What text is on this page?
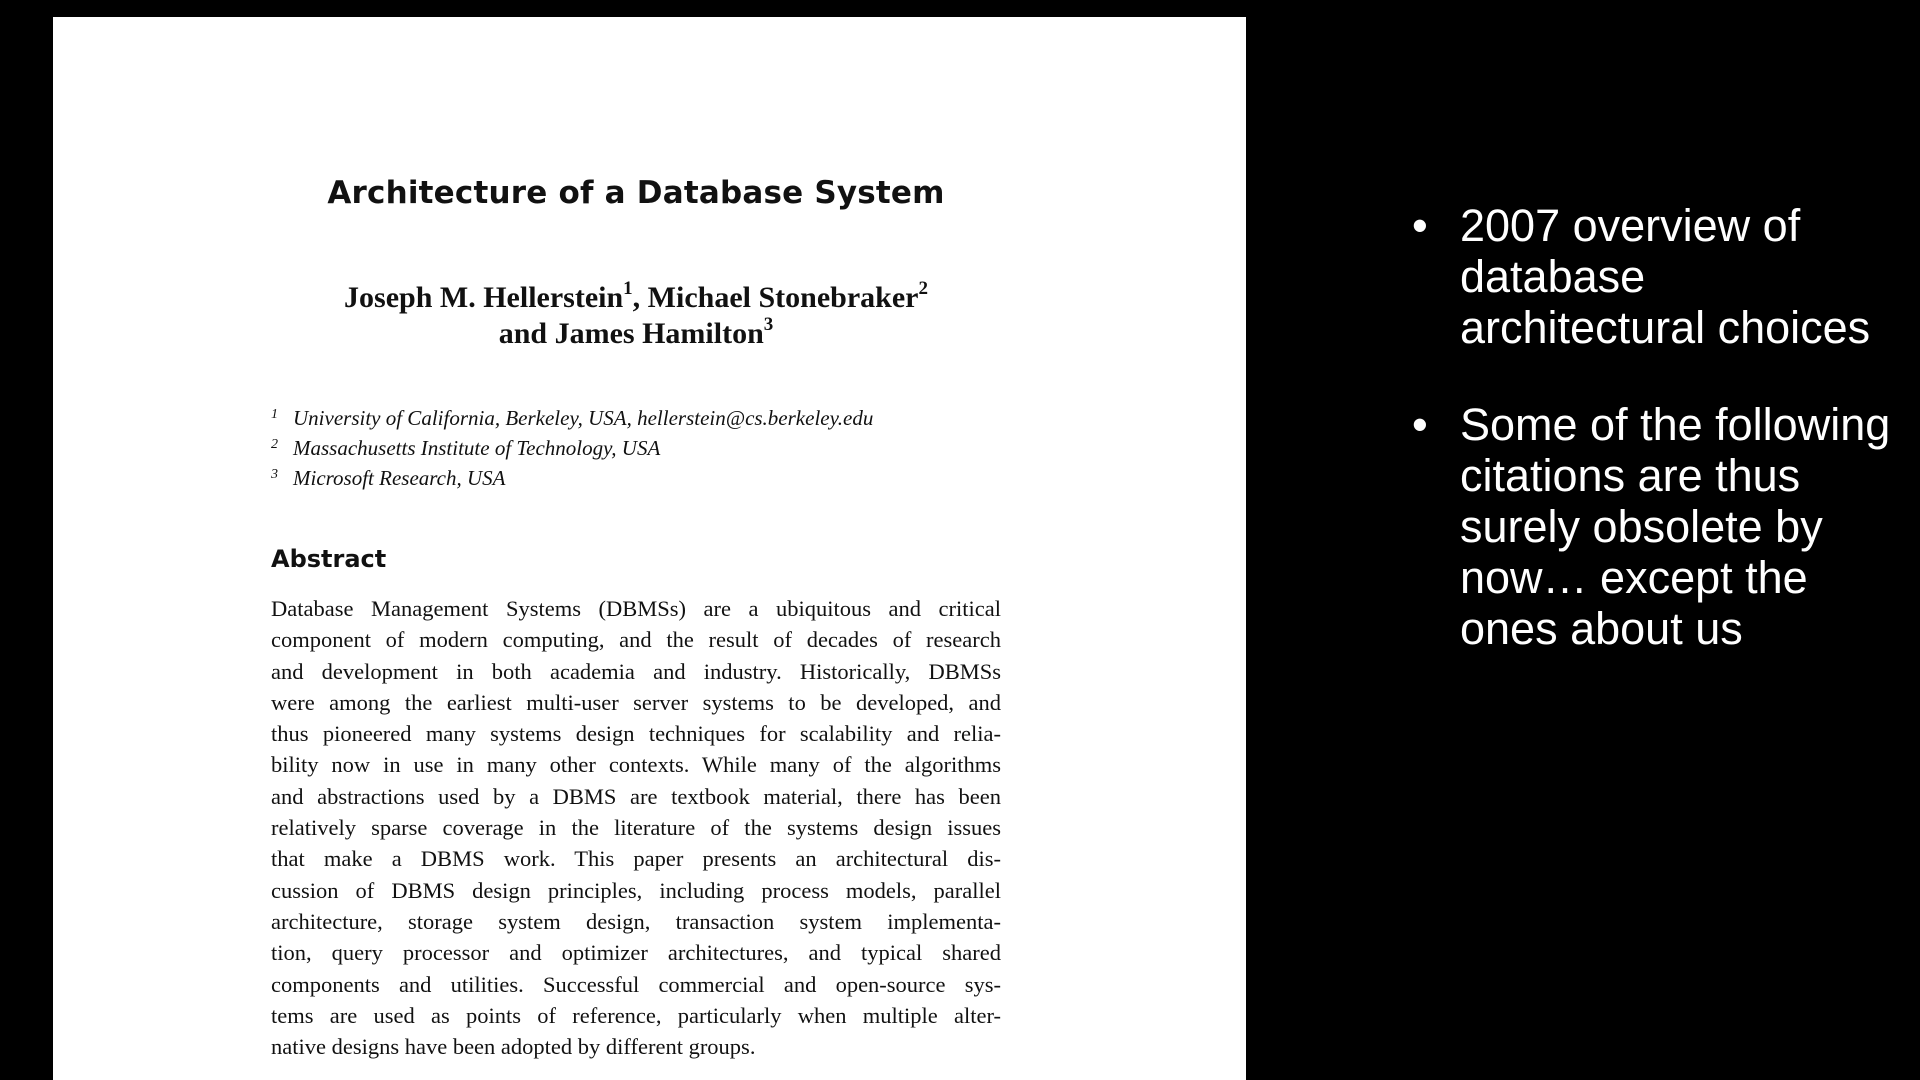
Architecture of a Database System
Joseph M. Hellerstein$^1$, Michael Stonebraker$^2$
and James Hamilton$^3$
1 University of California, Berkeley, USA, hellerstein@cs.berkeley.edu
2 Massachusetts Institute of Technology, USA
3 Microsoft Research, USA
Abstract
Database Management Systems (DBMSs) are a ubiquitous and critical
component of modern computing, and the result of decades of research
and development in both academia and industry. Historically, DBMSs
were among the earliest multi-user server systems to be developed, and
thus pioneered many systems design techniques for scalability and relia-
bility now in use in many other contexts. While many of the algorithms
and abstractions used by a DBMS are textbook material, there has been
relatively sparse coverage in the literature of the systems design issues
that make a DBMS work. This paper presents an architectural dis-
cussion of DBMS design principles, including process models, parallel
architecture, storage system design, transaction system implementa-
tion, query processor and optimizer architectures, and typical shared
components and utilities. Successful commercial and open-source sys-
tems are used as points of reference, particularly when multiple alter-
native designs have been adopted by different groups.
• 2007 overview of database architectural choices
• Some of the following citations are thus surely obsolete by now… except the ones about us
